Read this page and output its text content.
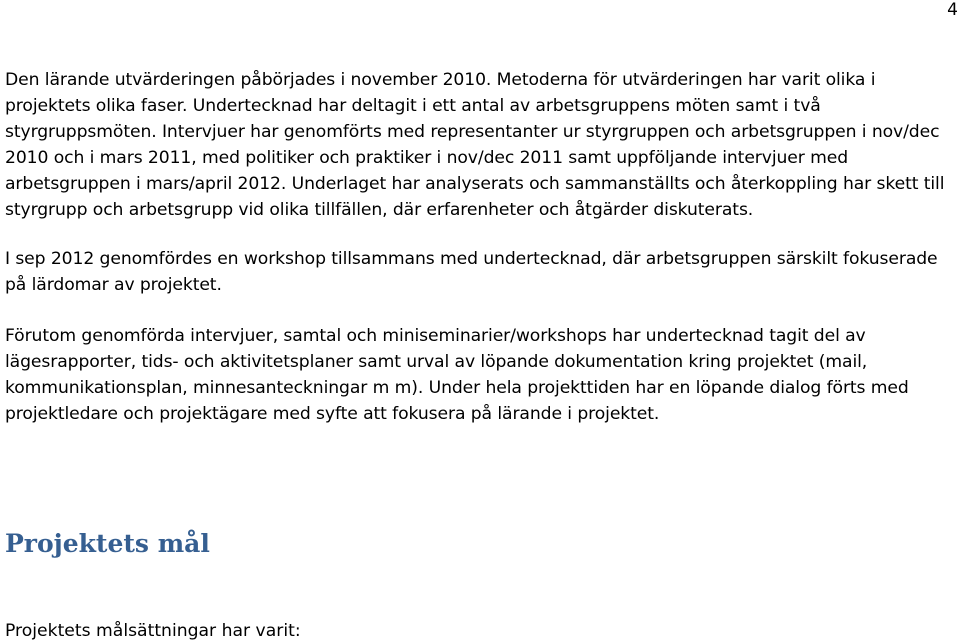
4

Den lärande utvärderingen påbörjades i november 2010. Metoderna för utvärderingen har varit olika i projektets olika faser. Undertecknad har deltagit i ett antal av arbetsgruppens möten samt i två styrgruppsmöten. Intervjuer har genomförts med representanter ur styrgruppen och arbetsgruppen i nov/dec 2010 och i mars 2011, med politiker och praktiker i nov/dec 2011 samt uppföljande intervjuer med arbetsgruppen i mars/april 2012. Underlaget har analyserats och sammanställts och återkoppling har skett till styrgrupp och arbetsgrupp vid olika tillfällen, där erfarenheter och åtgärder diskuterats.

I sep 2012 genomfördes en workshop tillsammans med undertecknad, där arbetsgruppen särskilt fokuserade på lärdomar av projektet.

Förutom genomförda intervjuer, samtal och miniseminarier/workshops har undertecknad tagit del av lägesrapporter, tids- och aktivitetsplaner samt urval av löpande dokumentation kring projektet (mail, kommunikationsplan, minnesanteckningar m m). Under hela projekttiden har en löpande dialog förts med projektledare och projektägare med syfte att fokusera på lärande i projektet.

Projektets mål

Projektets målsättningar har varit:
